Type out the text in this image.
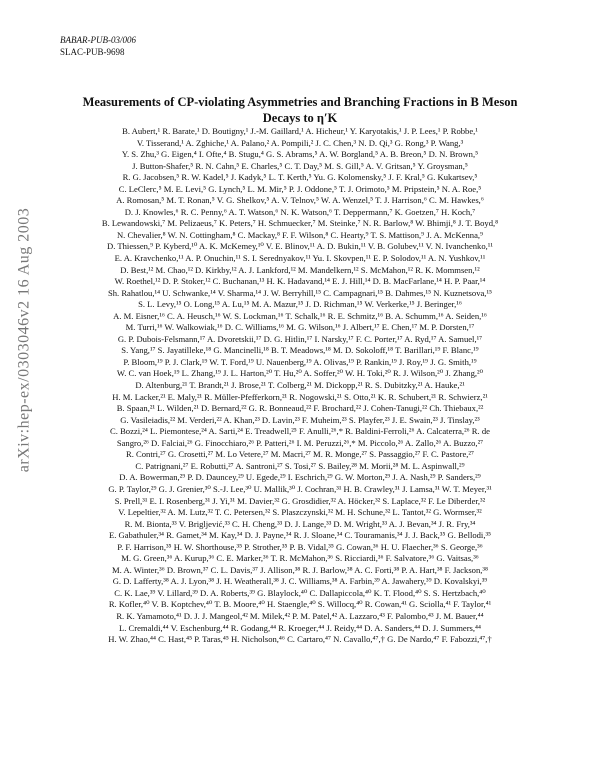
BABAR-PUB-03/006
SLAC-PUB-9698
arXiv:hep-ex/0303046v2 16 Aug 2003
Measurements of CP-violating Asymmetries and Branching Fractions in B Meson
Decays to η′K
B. Aubert,¹ R. Barate,¹ D. Boutigny,¹ J.-M. Gaillard,¹ A. Hicheur,¹ Y. Karyotakis,¹ J. P. Lees,¹ P. Robbe,¹
V. Tisserand,¹ A. Zghiche,¹ A. Palano,² A. Pompili,² J. C. Chen,³ N. D. Qi,³ G. Rong,³ P. Wang,³
Y. S. Zhu,³ G. Eigen,⁴ I. Ofte,⁴ B. Stugu,⁴ G. S. Abrams,⁵ A. W. Borgland,⁵ A. B. Breon,⁵ D. N. Brown,⁵
J. Button-Shafer,⁵ R. N. Cahn,⁵ E. Charles,⁵ C. T. Day,⁵ M. S. Gill,⁵ A. V. Gritsan,⁵ Y. Groysman,⁵
R. G. Jacobsen,⁵ R. W. Kadel,⁵ J. Kadyk,⁵ L. T. Kerth,⁵ Yu. G. Kolomensky,⁵ J. F. Kral,⁵ G. Kukartsev,⁵
C. LeClerc,⁵ M. E. Levi,⁵ G. Lynch,⁵ L. M. Mir,⁵ P. J. Oddone,⁵ T. J. Orimoto,⁵ M. Pripstein,⁵ N. A. Roe,⁵
A. Romosan,⁵ M. T. Ronan,⁵ V. G. Shelkov,⁵ A. V. Telnov,⁵ W. A. Wenzel,⁵ T. J. Harrison,⁶ C. M. Hawkes,⁶
D. J. Knowles,⁶ R. C. Penny,⁶ A. T. Watson,⁶ N. K. Watson,⁶ T. Deppermann,⁷ K. Goetzen,⁷ H. Koch,⁷
B. Lewandowski,⁷ M. Pelizaeus,⁷ K. Peters,⁷ H. Schmuecker,⁷ M. Steinke,⁷ N. R. Barlow,⁸ W. Bhimji,⁸ J. T. Boyd,⁸
N. Chevalier,⁸ W. N. Cottingham,⁸ C. Mackay,⁸ F. F. Wilson,⁸ C. Hearty,⁹ T. S. Mattison,⁹ J. A. McKenna,⁹
D. Thiessen,⁹ P. Kyberd,¹⁰ A. K. McKemey,¹⁰ V. E. Blinov,¹¹ A. D. Bukin,¹¹ V. B. Golubev,¹¹ V. N. Ivanchenko,¹¹
E. A. Kravchenko,¹¹ A. P. Onuchin,¹¹ S. I. Serednyakov,¹¹ Yu. I. Skovpen,¹¹ E. P. Solodov,¹¹ A. N. Yushkov,¹¹
D. Best,¹² M. Chao,¹² D. Kirkby,¹² A. J. Lankford,¹² M. Mandelkern,¹² S. McMahon,¹² R. K. Mommsen,¹²
W. Roethel,¹² D. P. Stoker,¹² C. Buchanan,¹³ H. K. Hadavand,¹⁴ E. J. Hill,¹⁴ D. B. MacFarlane,¹⁴ H. P. Paar,¹⁴
Sh. Rahatlou,¹⁴ U. Schwanke,¹⁴ V. Sharma,¹⁴ J. W. Berryhill,¹⁵ C. Campagnari,¹⁵ B. Dahmes,¹⁵ N. Kuznetsova,¹⁵
S. L. Levy,¹⁵ O. Long,¹⁵ A. Lu,¹⁵ M. A. Mazur,¹⁵ J. D. Richman,¹⁵ W. Verkerke,¹⁵ J. Beringer,¹⁶
A. M. Eisner,¹⁶ C. A. Heusch,¹⁶ W. S. Lockman,¹⁶ T. Schalk,¹⁶ R. E. Schmitz,¹⁶ B. A. Schumm,¹⁶ A. Seiden,¹⁶
M. Turri,¹⁶ W. Walkowiak,¹⁶ D. C. Williams,¹⁶ M. G. Wilson,¹⁶ J. Albert,¹⁷ E. Chen,¹⁷ M. P. Dorsten,¹⁷
G. P. Dubois-Felsmann,¹⁷ A. Dvoretskii,¹⁷ D. G. Hitlin,¹⁷ I. Narsky,¹⁷ F. C. Porter,¹⁷ A. Ryd,¹⁷ A. Samuel,¹⁷
S. Yang,¹⁷ S. Jayatilleke,¹⁸ G. Mancinelli,¹⁸ B. T. Meadows,¹⁸ M. D. Sokoloff,¹⁸ T. Barillari,¹⁹ F. Blanc,¹⁹
P. Bloom,¹⁹ P. J. Clark,¹⁹ W. T. Ford,¹⁹ U. Nauenberg,¹⁹ A. Olivas,¹⁹ P. Rankin,¹⁹ J. Roy,¹⁹ J. G. Smith,¹⁹
W. C. van Hoek,¹⁹ L. Zhang,¹⁹ J. L. Harton,²⁰ T. Hu,²⁰ A. Soffer,²⁰ W. H. Toki,²⁰ R. J. Wilson,²⁰ J. Zhang,²⁰
D. Altenburg,²¹ T. Brandt,²¹ J. Brose,²¹ T. Colberg,²¹ M. Dickopp,²¹ R. S. Dubitzky,²¹ A. Hauke,²¹
H. M. Lacker,²¹ E. Maly,²¹ R. Müller-Pfefferkorn,²¹ R. Nogowski,²¹ S. Otto,²¹ K. R. Schubert,²¹ R. Schwierz,²¹
B. Spaan,²¹ L. Wilden,²¹ D. Bernard,²² G. R. Bonneaud,²² F. Brochard,²² J. Cohen-Tanugi,²² Ch. Thiebaux,²²
G. Vasileiadis,²² M. Verderi,²² A. Khan,²³ D. Lavin,²³ F. Muheim,²³ S. Playfer,²³ J. E. Swain,²³ J. Tinslay,²³
C. Bozzi,²⁴ L. Piemontese,²⁴ A. Sarti,²⁴ E. Treadwell,²⁵ F. Anulli,²⁶,* R. Baldini-Ferroli,²⁶ A. Calcaterra,²⁶ R. de
Sangro,²⁶ D. Falciai,²⁶ G. Finocchiaro,²⁶ P. Patteri,²⁶ I. M. Peruzzi,²⁶,* M. Piccolo,²⁶ A. Zallo,²⁶ A. Buzzo,²⁷
R. Contri,²⁷ G. Crosetti,²⁷ M. Lo Vetere,²⁷ M. Macri,²⁷ M. R. Monge,²⁷ S. Passaggio,²⁷ F. C. Pastore,²⁷
C. Patrignani,²⁷ E. Robutti,²⁷ A. Santroni,²⁷ S. Tosi,²⁷ S. Bailey,²⁸ M. Morii,²⁸ M. L. Aspinwall,²⁹
D. A. Bowerman,²⁹ P. D. Dauncey,²⁹ U. Egede,²⁹ I. Eschrich,²⁹ G. W. Morton,²⁹ J. A. Nash,²⁹ P. Sanders,²⁹
G. P. Taylor,²⁹ G. J. Grenier,³⁰ S.-J. Lee,³⁰ U. Mallik,³⁰ J. Cochran,³¹ H. B. Crawley,³¹ J. Lamsa,³¹ W. T. Meyer,³¹
S. Prell,³¹ E. I. Rosenberg,³¹ J. Yi,³¹ M. Davier,³² G. Grosdidier,³² A. Höcker,³² S. Laplace,³² F. Le Diberder,³²
V. Lepeltier,³² A. M. Lutz,³² T. C. Petersen,³² S. Plaszczynski,³² M. H. Schune,³² L. Tantot,³² G. Wormser,³²
R. M. Bionta,³³ V. Brigljević,³³ C. H. Cheng,³³ D. J. Lange,³³ D. M. Wright,³³ A. J. Bevan,³⁴ J. R. Fry,³⁴
E. Gabathuler,³⁴ R. Gamet,³⁴ M. Kay,³⁴ D. J. Payne,³⁴ R. J. Sloane,³⁴ C. Touramanis,³⁴ J. J. Back,³⁵ G. Bellodi,³⁵
P. F. Harrison,³⁵ H. W. Shorthouse,³⁵ P. Strother,³⁵ P. B. Vidal,³⁵ G. Cowan,³⁶ H. U. Flaecher,³⁶ S. George,³⁶
M. G. Green,³⁶ A. Kurup,³⁶ C. E. Marker,³⁶ T. R. McMahon,³⁶ S. Ricciardi,³⁶ F. Salvatore,³⁶ G. Vaitsas,³⁶
M. A. Winter,³⁶ D. Brown,³⁷ C. L. Davis,³⁷ J. Allison,³⁸ R. J. Barlow,³⁸ A. C. Forti,³⁸ P. A. Hart,³⁸ F. Jackson,³⁸
G. D. Lafferty,³⁸ A. J. Lyon,³⁸ J. H. Weatherall,³⁸ J. C. Williams,³⁸ A. Farbin,³⁹ A. Jawahery,³⁹ D. Kovalskyi,³⁹
C. K. Lae,³⁹ V. Lillard,³⁹ D. A. Roberts,³⁹ G. Blaylock,⁴⁰ C. Dallapiccola,⁴⁰ K. T. Flood,⁴⁰ S. S. Hertzbach,⁴⁰
R. Kofler,⁴⁰ V. B. Koptchev,⁴⁰ T. B. Moore,⁴⁰ H. Staengle,⁴⁰ S. Willocq,⁴⁰ R. Cowan,⁴¹ G. Sciolla,⁴¹ F. Taylor,⁴¹
R. K. Yamamoto,⁴¹ D. J. J. Mangeol,⁴² M. Milek,⁴² P. M. Patel,⁴² A. Lazzaro,⁴³ F. Palombo,⁴³ J. M. Bauer,⁴⁴
L. Cremaldi,⁴⁴ V. Eschenburg,⁴⁴ R. Godang,⁴⁴ R. Kroeger,⁴⁴ J. Reidy,⁴⁴ D. A. Sanders,⁴⁴ D. J. Summers,⁴⁴
H. W. Zhao,⁴⁴ C. Hast,⁴⁵ P. Taras,⁴⁵ H. Nicholson,⁴⁶ C. Cartaro,⁴⁷ N. Cavallo,⁴⁷,† G. De Nardo,⁴⁷ F. Fabozzi,⁴⁷,†
